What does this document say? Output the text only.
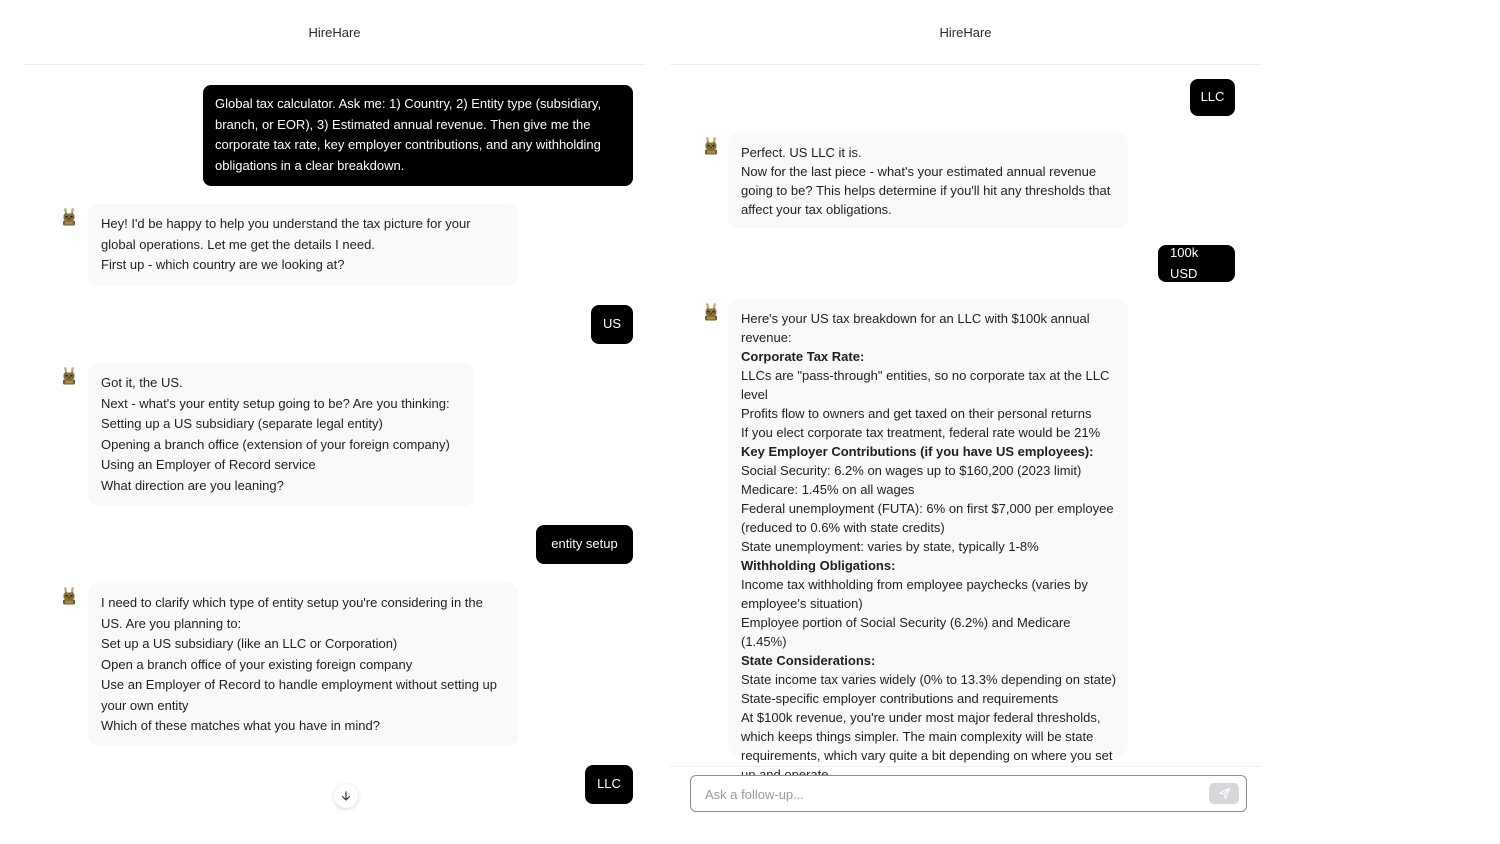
HireHare
Global tax calculator. Ask me: 1) Country, 2) Entity type (subsidiary, branch, or EOR), 3) Estimated annual revenue. Then give me the corporate tax rate, key employer contributions, and any withholding obligations in a clear breakdown.
Hey! I'd be happy to help you understand the tax picture for your global operations. Let me get the details I need.
First up - which country are we looking at?
US
Got it, the US.
Next - what's your entity setup going to be? Are you thinking:
Setting up a US subsidiary (separate legal entity)
Opening a branch office (extension of your foreign company)
Using an Employer of Record service
What direction are you leaning?
entity setup
I need to clarify which type of entity setup you're considering in the US. Are you planning to:
Set up a US subsidiary (like an LLC or Corporation)
Open a branch office of your existing foreign company
Use an Employer of Record to handle employment without setting up your own entity
Which of these matches what you have in mind?
LLC
HireHare
LLC
Perfect. US LLC it is.
Now for the last piece - what's your estimated annual revenue going to be? This helps determine if you'll hit any thresholds that affect your tax obligations.
100k USD
Here's your US tax breakdown for an LLC with $100k annual revenue:
Corporate Tax Rate:
LLCs are "pass-through" entities, so no corporate tax at the LLC level
Profits flow to owners and get taxed on their personal returns
If you elect corporate tax treatment, federal rate would be 21%
Key Employer Contributions (if you have US employees):
Social Security: 6.2% on wages up to $160,200 (2023 limit)
Medicare: 1.45% on all wages
Federal unemployment (FUTA): 6% on first $7,000 per employee (reduced to 0.6% with state credits)
State unemployment: varies by state, typically 1-8%
Withholding Obligations:
Income tax withholding from employee paychecks (varies by employee's situation)
Employee portion of Social Security (6.2%) and Medicare (1.45%)
State Considerations:
State income tax varies widely (0% to 13.3% depending on state)
State-specific employer contributions and requirements
At $100k revenue, you're under most major federal thresholds, which keeps things simpler. The main complexity will be state requirements, which vary quite a bit depending on where you set
Ask a follow-up...
